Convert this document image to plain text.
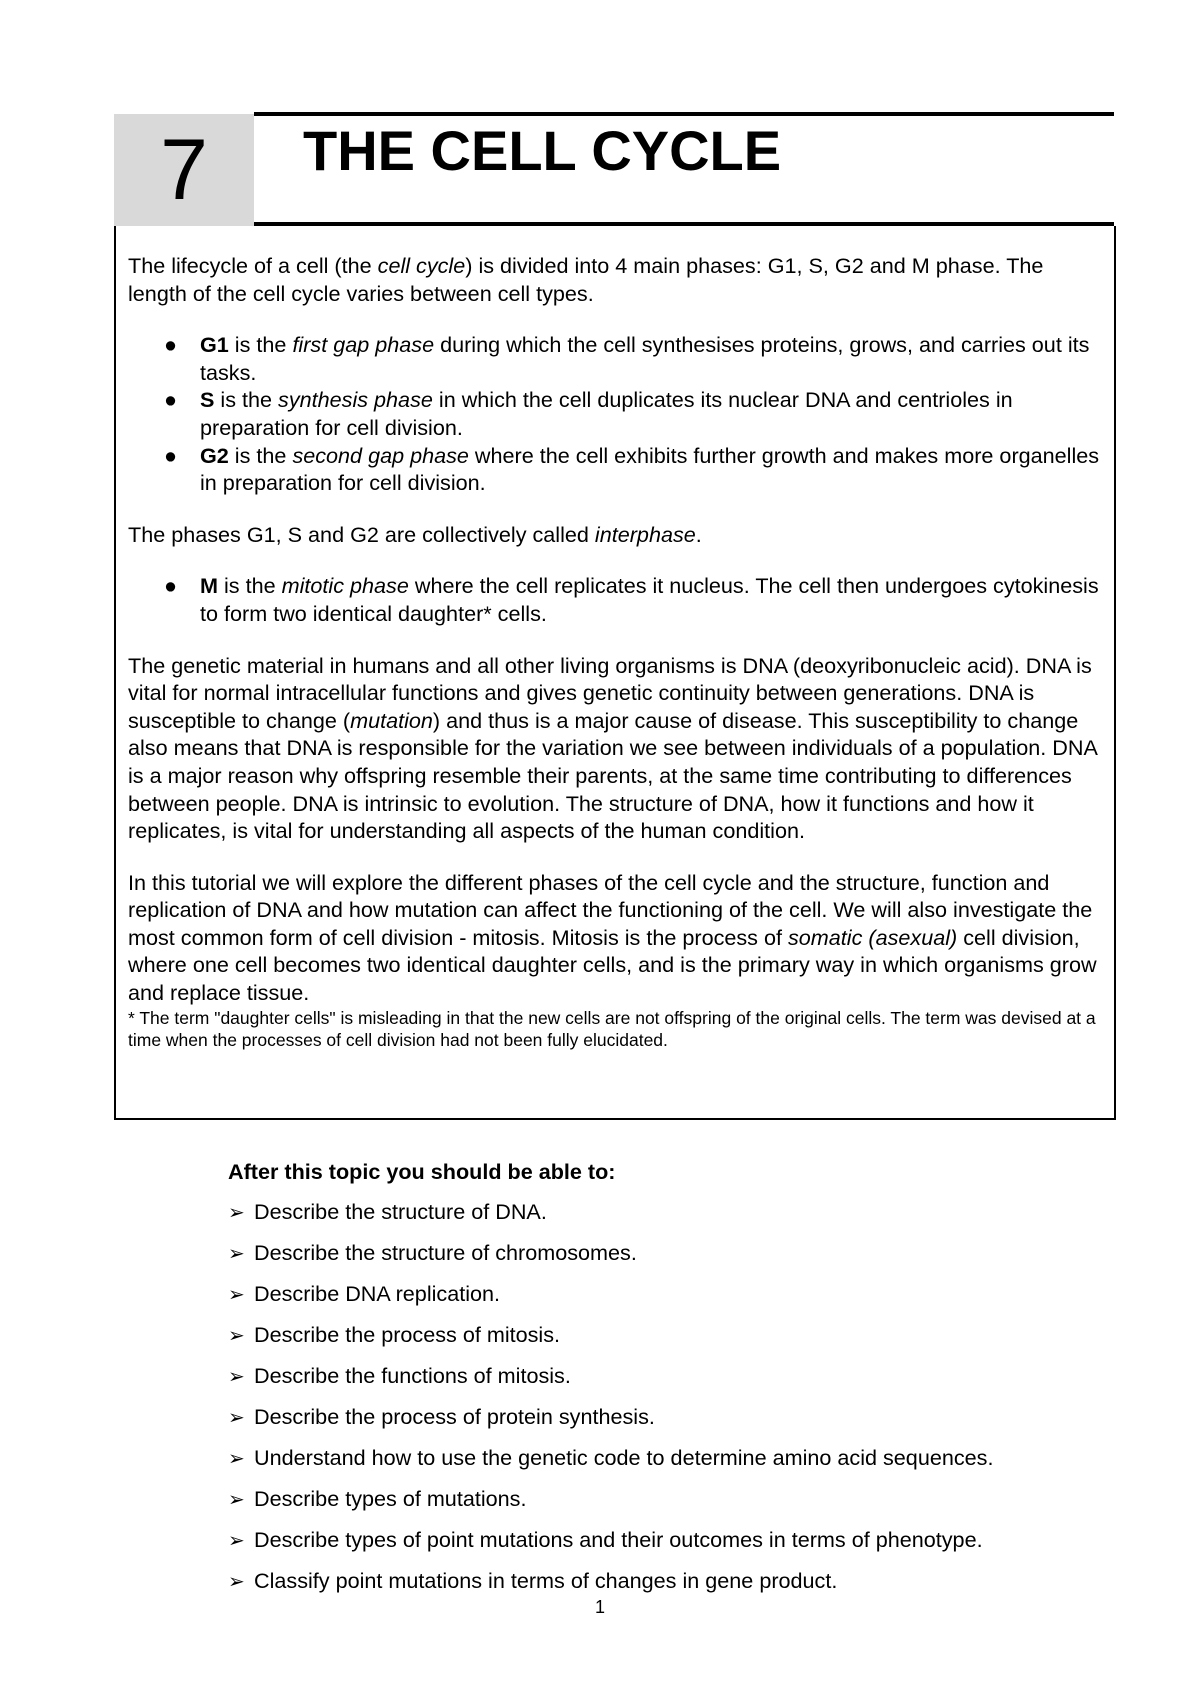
7	THE CELL CYCLE

The lifecycle of a cell (the cell cycle) is divided into 4 main phases: G1, S, G2 and M phase. The length of the cell cycle varies between cell types.

● G1 is the first gap phase during which the cell synthesises proteins, grows, and carries out its tasks.
● S is the synthesis phase in which the cell duplicates its nuclear DNA and centrioles in preparation for cell division.
● G2 is the second gap phase where the cell exhibits further growth and makes more organelles in preparation for cell division.

The phases G1, S and G2 are collectively called interphase.

● M is the mitotic phase where the cell replicates it nucleus. The cell then undergoes cytokinesis to form two identical daughter* cells.

The genetic material in humans and all other living organisms is DNA (deoxyribonucleic acid). DNA is vital for normal intracellular functions and gives genetic continuity between generations. DNA is susceptible to change (mutation) and thus is a major cause of disease. This susceptibility to change also means that DNA is responsible for the variation we see between individuals of a population. DNA is a major reason why offspring resemble their parents, at the same time contributing to differences between people. DNA is intrinsic to evolution. The structure of DNA, how it functions and how it replicates, is vital for understanding all aspects of the human condition.

In this tutorial we will explore the different phases of the cell cycle and the structure, function and replication of DNA and how mutation can affect the functioning of the cell. We will also investigate the most common form of cell division - mitosis. Mitosis is the process of somatic (asexual) cell division, where one cell becomes two identical daughter cells, and is the primary way in which organisms grow and replace tissue.

* The term "daughter cells" is misleading in that the new cells are not offspring of the original cells. The term was devised at a time when the processes of cell division had not been fully elucidated.

After this topic you should be able to:

➢ Describe the structure of DNA.
➢ Describe the structure of chromosomes.
➢ Describe DNA replication.
➢ Describe the process of mitosis.
➢ Describe the functions of mitosis.
➢ Describe the process of protein synthesis.
➢ Understand how to use the genetic code to determine amino acid sequences.
➢ Describe types of mutations.
➢ Describe types of point mutations and their outcomes in terms of phenotype.
➢ Classify point mutations in terms of changes in gene product.
1
